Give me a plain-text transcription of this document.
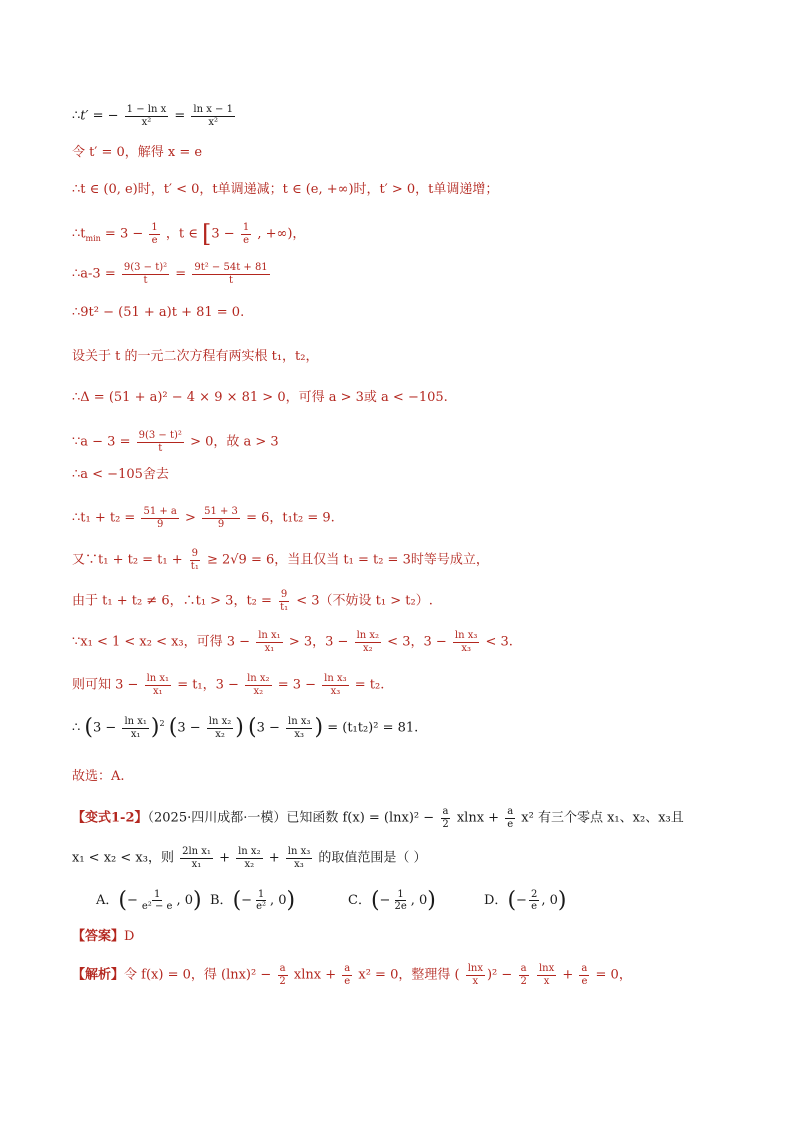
∴t′ = − $\frac{\text{1 − ln x}}{\text{x²}} = \frac{\text{ln x − 1}}{\text{x²}}$
令 t′ = 0，解得 x = e
∴t ∈ (0, e)时，t′ < 0，t单调递减；t ∈ (e, +∞)时，t′ > 0，t单调递增；
$\therefore t_{min} = 3 - \frac{1}{e}$ ，t ∈ [$3 - \frac{1}{e}$ , +∞)，
∴a-3 = $\frac{\text{9(3 − t)²}}{t} = \frac{\text{9t² − 54t + 81}}{t}$
∴9t² − (51 + a)t + 81 = 0.
设关于 t 的一元二次方程有两实根 t₁，t₂，
∴Δ = (51 + a)² − 4 × 9 × 81 > 0，可得 a > 3或 a < −105.
∵a − $3 = \frac{\text{9(3 − t)²}}{t} > 0$，故 a > 3
∴a < −105舍去
∴t₁ + $t_2 = \frac{51 + a}{9} > \frac{51 + 3}{9} = 6$，t₁t₂ = 9.
又∵t₁ + $t_2 = t_1 + \frac{9}{\text{t₁}} \ge 2√9 = 6$，当且仅当 t₁ = t₂ = 3时等号成立，
由于 t₁ + t₂ ≠ 6，∴t₁ > 3，$t_2 = \frac{9}{\text{t₁}} < 3$（不妨设 t₁ > t₂）.
∵x₁ < 1 < x₂ < x₃，可得 $3 - \frac{\text{ln x₁}}{\text{x₁}} > 3$，$3 - \frac{\text{ln x₂}}{\text{x₂}} < 3$，$3 - \frac{\text{ln x₃}}{\text{x₃}} < 3$.
则可知 $3 - \frac{\text{ln x₁}}{\text{x₁}} = t_1$，$3 - \frac{\text{ln x₂}}{\text{x₂}} = 3 - \frac{\text{ln x₃}}{\text{x₃}} = t_2$.
∴ $(3 - \frac{\text{ln x₁}}{\text{x₁}} )^2$ ($3 - \frac{\text{ln x₂}}{\text{x₂}}$ ) ($3 - \frac{\text{ln x₃}}{\text{x₃}}$ ) = (t₁t₂)² = 81.
故选：A.
【变式1-2】（2025·四川成都·一模）已知函数 $f(x) = (\ln x)^2 - \frac{a}{2}$ $xlnx + \frac{a}{e} x^2$ 有三个零点 x₁、x₂、x₃且
x₁ < x₂ < x₃，则 $\frac{\text{2ln x₁}}{\text{x₁}} + \frac{\text{ln x₂}}{\text{x₂}} + \frac{\text{ln x₃}}{\text{x₃}}$ 的取值范围是（ ）
A．(− $\frac{1}{\text{e² − e}}$ , 0) B．(− $\frac{1}{\text{e²}}$ , 0)	C．(− $\frac{1}{2e}$ , 0)	D．(− $\frac{2}{e}$ , 0)
【答案】D
【解析】令 f(x) = 0，得 $(\ln x)^2 - \frac{a}{2}$ $xlnx + \frac{a}{e} x^2 = 0$，整理得 ( $\frac{\ln x}{x} )^2 - \frac{a}{2}$
$\frac{\ln x}{x} + \frac{a}{e} = 0$，
